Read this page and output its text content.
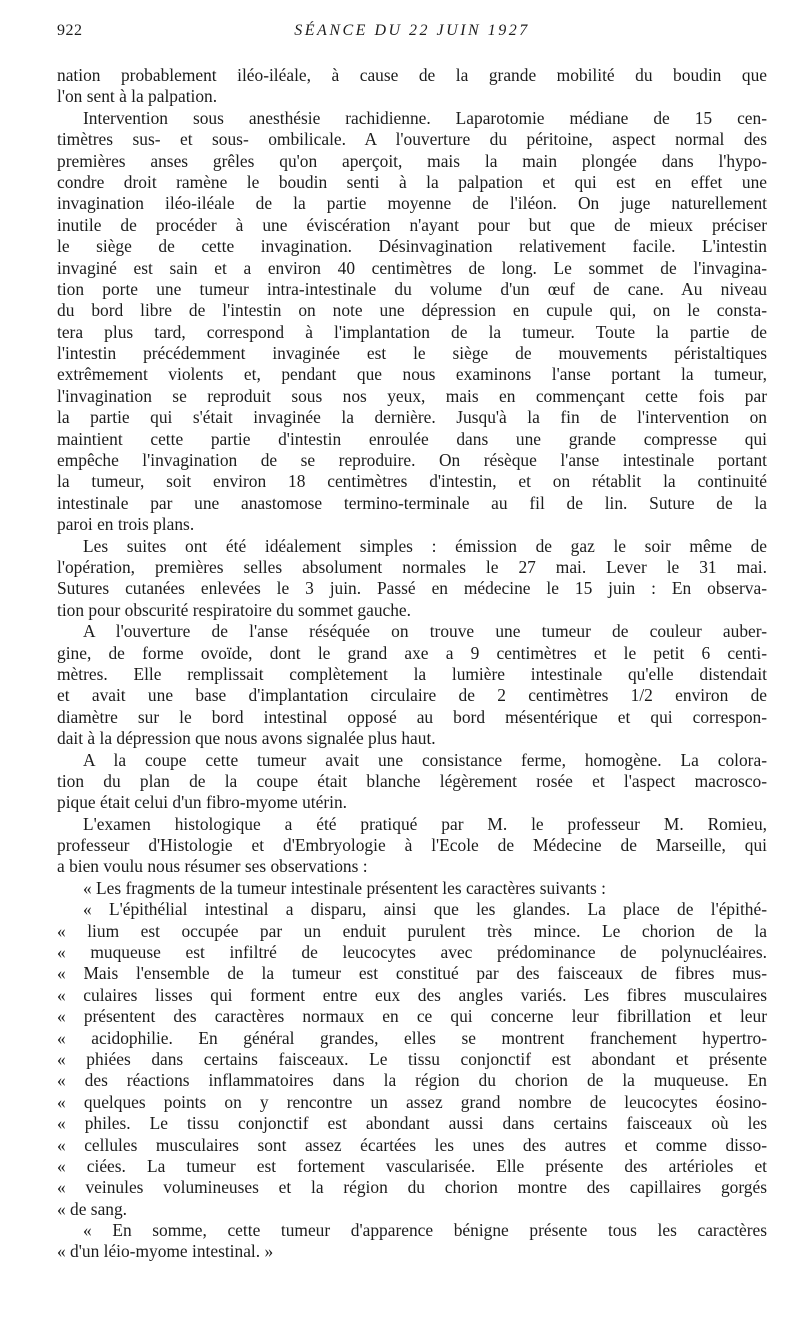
922	SÉANCE DU 22 JUIN 1927
nation probablement iléo-iléale, à cause de la grande mobilité du boudin que
l'on sent à la palpation.
Intervention sous anesthésie rachidienne. Laparotomie médiane de 15 cen-
timètres sus- et sous- ombilicale. A l'ouverture du péritoine, aspect normal des
premières anses grêles qu'on aperçoit, mais la main plongée dans l'hypo-
condre droit ramène le boudin senti à la palpation et qui est en effet une
invagination iléo-iléale de la partie moyenne de l'iléon. On juge naturellement
inutile de procéder à une éviscération n'ayant pour but que de mieux préciser
le siège de cette invagination. Désinvagination relativement facile. L'intestin
invaginé est sain et a environ 40 centimètres de long. Le sommet de l'invagina-
tion porte une tumeur intra-intestinale du volume d'un œuf de cane. Au niveau
du bord libre de l'intestin on note une dépression en cupule qui, on le consta-
tera plus tard, correspond à l'implantation de la tumeur. Toute la partie de
l'intestin précédemment invaginée est le siège de mouvements péristaltiques
extrêmement violents et, pendant que nous examinons l'anse portant la tumeur,
l'invagination se reproduit sous nos yeux, mais en commençant cette fois par
la partie qui s'était invaginée la dernière. Jusqu'à la fin de l'intervention on
maintient cette partie d'intestin enroulée dans une grande compresse qui
empêche l'invagination de se reproduire. On résèque l'anse intestinale portant
la tumeur, soit environ 18 centimètres d'intestin, et on rétablit la continuité
intestinale par une anastomose termino-terminale au fil de lin. Suture de la
paroi en trois plans.
Les suites ont été idéalement simples : émission de gaz le soir même de
l'opération, premières selles absolument normales le 27 mai. Lever le 31 mai.
Sutures cutanées enlevées le 3 juin. Passé en médecine le 15 juin : En observa-
tion pour obscurité respiratoire du sommet gauche.
A l'ouverture de l'anse réséquée on trouve une tumeur de couleur auber-
gine, de forme ovoïde, dont le grand axe a 9 centimètres et le petit 6 centi-
mètres. Elle remplissait complètement la lumière intestinale qu'elle distendait
et avait une base d'implantation circulaire de 2 centimètres 1/2 environ de
diamètre sur le bord intestinal opposé au bord mésentérique et qui correspon-
dait à la dépression que nous avons signalée plus haut.
A la coupe cette tumeur avait une consistance ferme, homogène. La colora-
tion du plan de la coupe était blanche légèrement rosée et l'aspect macrosco-
pique était celui d'un fibro-myome utérin.
L'examen histologique a été pratiqué par M. le professeur M. Romieu,
professeur d'Histologie et d'Embryologie à l'Ecole de Médecine de Marseille, qui
a bien voulu nous résumer ses observations :
« Les fragments de la tumeur intestinale présentent les caractères suivants :
« L'épithélial intestinal a disparu, ainsi que les glandes. La place de l'épithé-
« lium est occupée par un enduit purulent très mince. Le chorion de la
« muqueuse est infiltré de leucocytes avec prédominance de polynucléaires.
« Mais l'ensemble de la tumeur est constitué par des faisceaux de fibres mus-
« culaires lisses qui forment entre eux des angles variés. Les fibres musculaires
« présentent des caractères normaux en ce qui concerne leur fibrillation et leur
« acidophilie. En général grandes, elles se montrent franchement hypertro-
« phiées dans certains faisceaux. Le tissu conjonctif est abondant et présente
« des réactions inflammatoires dans la région du chorion de la muqueuse. En
« quelques points on y rencontre un assez grand nombre de leucocytes éosino-
« philes. Le tissu conjonctif est abondant aussi dans certains faisceaux où les
« cellules musculaires sont assez écartées les unes des autres et comme disso-
« ciées. La tumeur est fortement vascularisée. Elle présente des artérioles et
« veinules volumineuses et la région du chorion montre des capillaires gorgés
« de sang.
« En somme, cette tumeur d'apparence bénigne présente tous les caractères
« d'un léio-myome intestinal. »
